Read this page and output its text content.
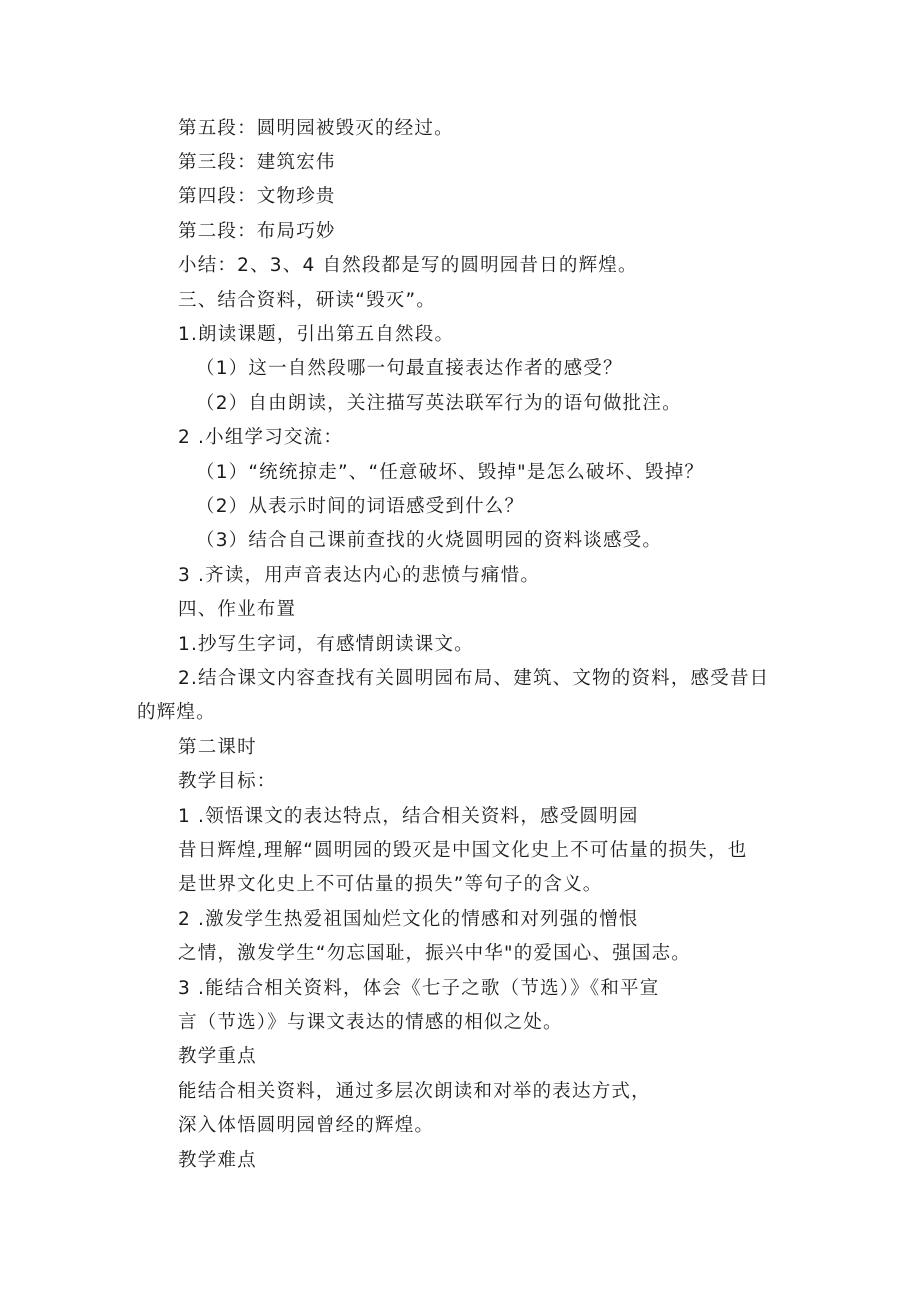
第五段：圆明园被毁灭的经过。
第三段：建筑宏伟
第四段：文物珍贵
第二段：布局巧妙
小结：2、3、4 自然段都是写的圆明园昔日的辉煌。
三、结合资料，研读“毁灭”。
1.朗读课题，引出第五自然段。
（1）这一自然段哪一句最直接表达作者的感受？
（2）自由朗读，关注描写英法联军行为的语句做批注。
2 .小组学习交流：
（1）“统统掠走”、“任意破坏、毁掉"是怎么破坏、毁掉？
（2）从表示时间的词语感受到什么？
（3）结合自己课前查找的火烧圆明园的资料谈感受。
3 .齐读，用声音表达内心的悲愤与痛惜。
四、作业布置
1.抄写生字词，有感情朗读课文。
2.结合课文内容查找有关圆明园布局、建筑、文物的资料，感受昔日
的辉煌。
第二课时
教学目标：
1 .领悟课文的表达特点，结合相关资料，感受圆明园
昔日辉煌,理解“圆明园的毁灭是中国文化史上不可估量的损失，也
是世界文化史上不可估量的损失”等句子的含义。
2 .激发学生热爱祖国灿烂文化的情感和对列强的憎恨
之情，激发学生“勿忘国耻，振兴中华"的爱国心、强国志。
3 .能结合相关资料，体会《七子之歌（节选）》《和平宣
言（节选）》与课文表达的情感的相似之处。
教学重点
能结合相关资料，通过多层次朗读和对举的表达方式，
深入体悟圆明园曾经的辉煌。
教学难点
